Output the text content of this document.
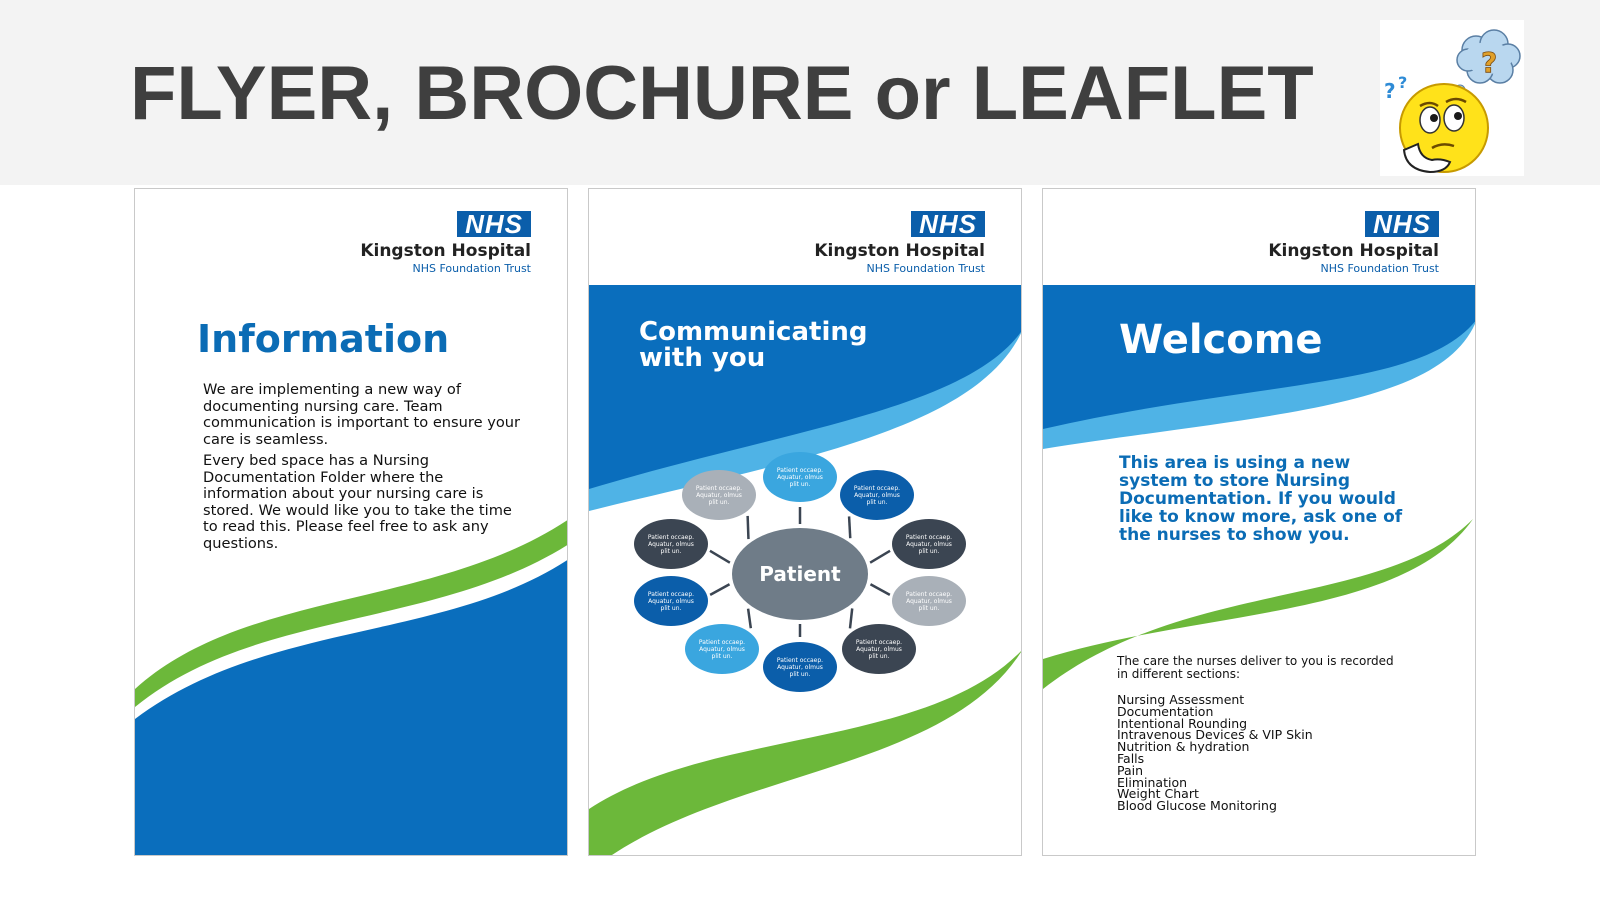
FLYER, BROCHURE or LEAFLET	?
? ?
NHS
Kingston Hospital
NHS Foundation Trust
Information

We are implementing a new way of documenting nursing care. Team communication is important to ensure your care is seamless.

Every bed space has a Nursing Documentation Folder where the information about your nursing care is stored. We would like you to take the time to read this. Please feel free to ask any questions.

NHS
Kingston Hospital
NHS Foundation Trust
Communicating
with you
Patient
Patient occaep.
Aquatur, olmus
plit un.
Patient occaep.
Aquatur, olmus
plit un.
Patient occaep.
Aquatur, olmus
plit un.
Patient occaep.
Aquatur, olmus
plit un.
Patient occaep.
Aquatur, olmus
plit un.
Patient occaep.
Aquatur, olmus
plit un.
Patient occaep.
Aquatur, olmus
plit un.
Patient occaep.
Aquatur, olmus
plit un.
Patient occaep.
Aquatur, olmus
plit un.
Patient occaep.
Aquatur, olmus
plit un.
NHS
Kingston Hospital
NHS Foundation Trust
Welcome
This area is using a new system to store Nursing Documentation. If you would like to know more, ask one of the nurses to show you.
The care the nurses deliver to you is recorded in different sections:
Nursing Assessment
Documentation
Intentional Rounding
Intravenous Devices & VIP Skin
Nutrition & hydration
Falls
Pain
Elimination
Weight Chart
Blood Glucose Monitoring
